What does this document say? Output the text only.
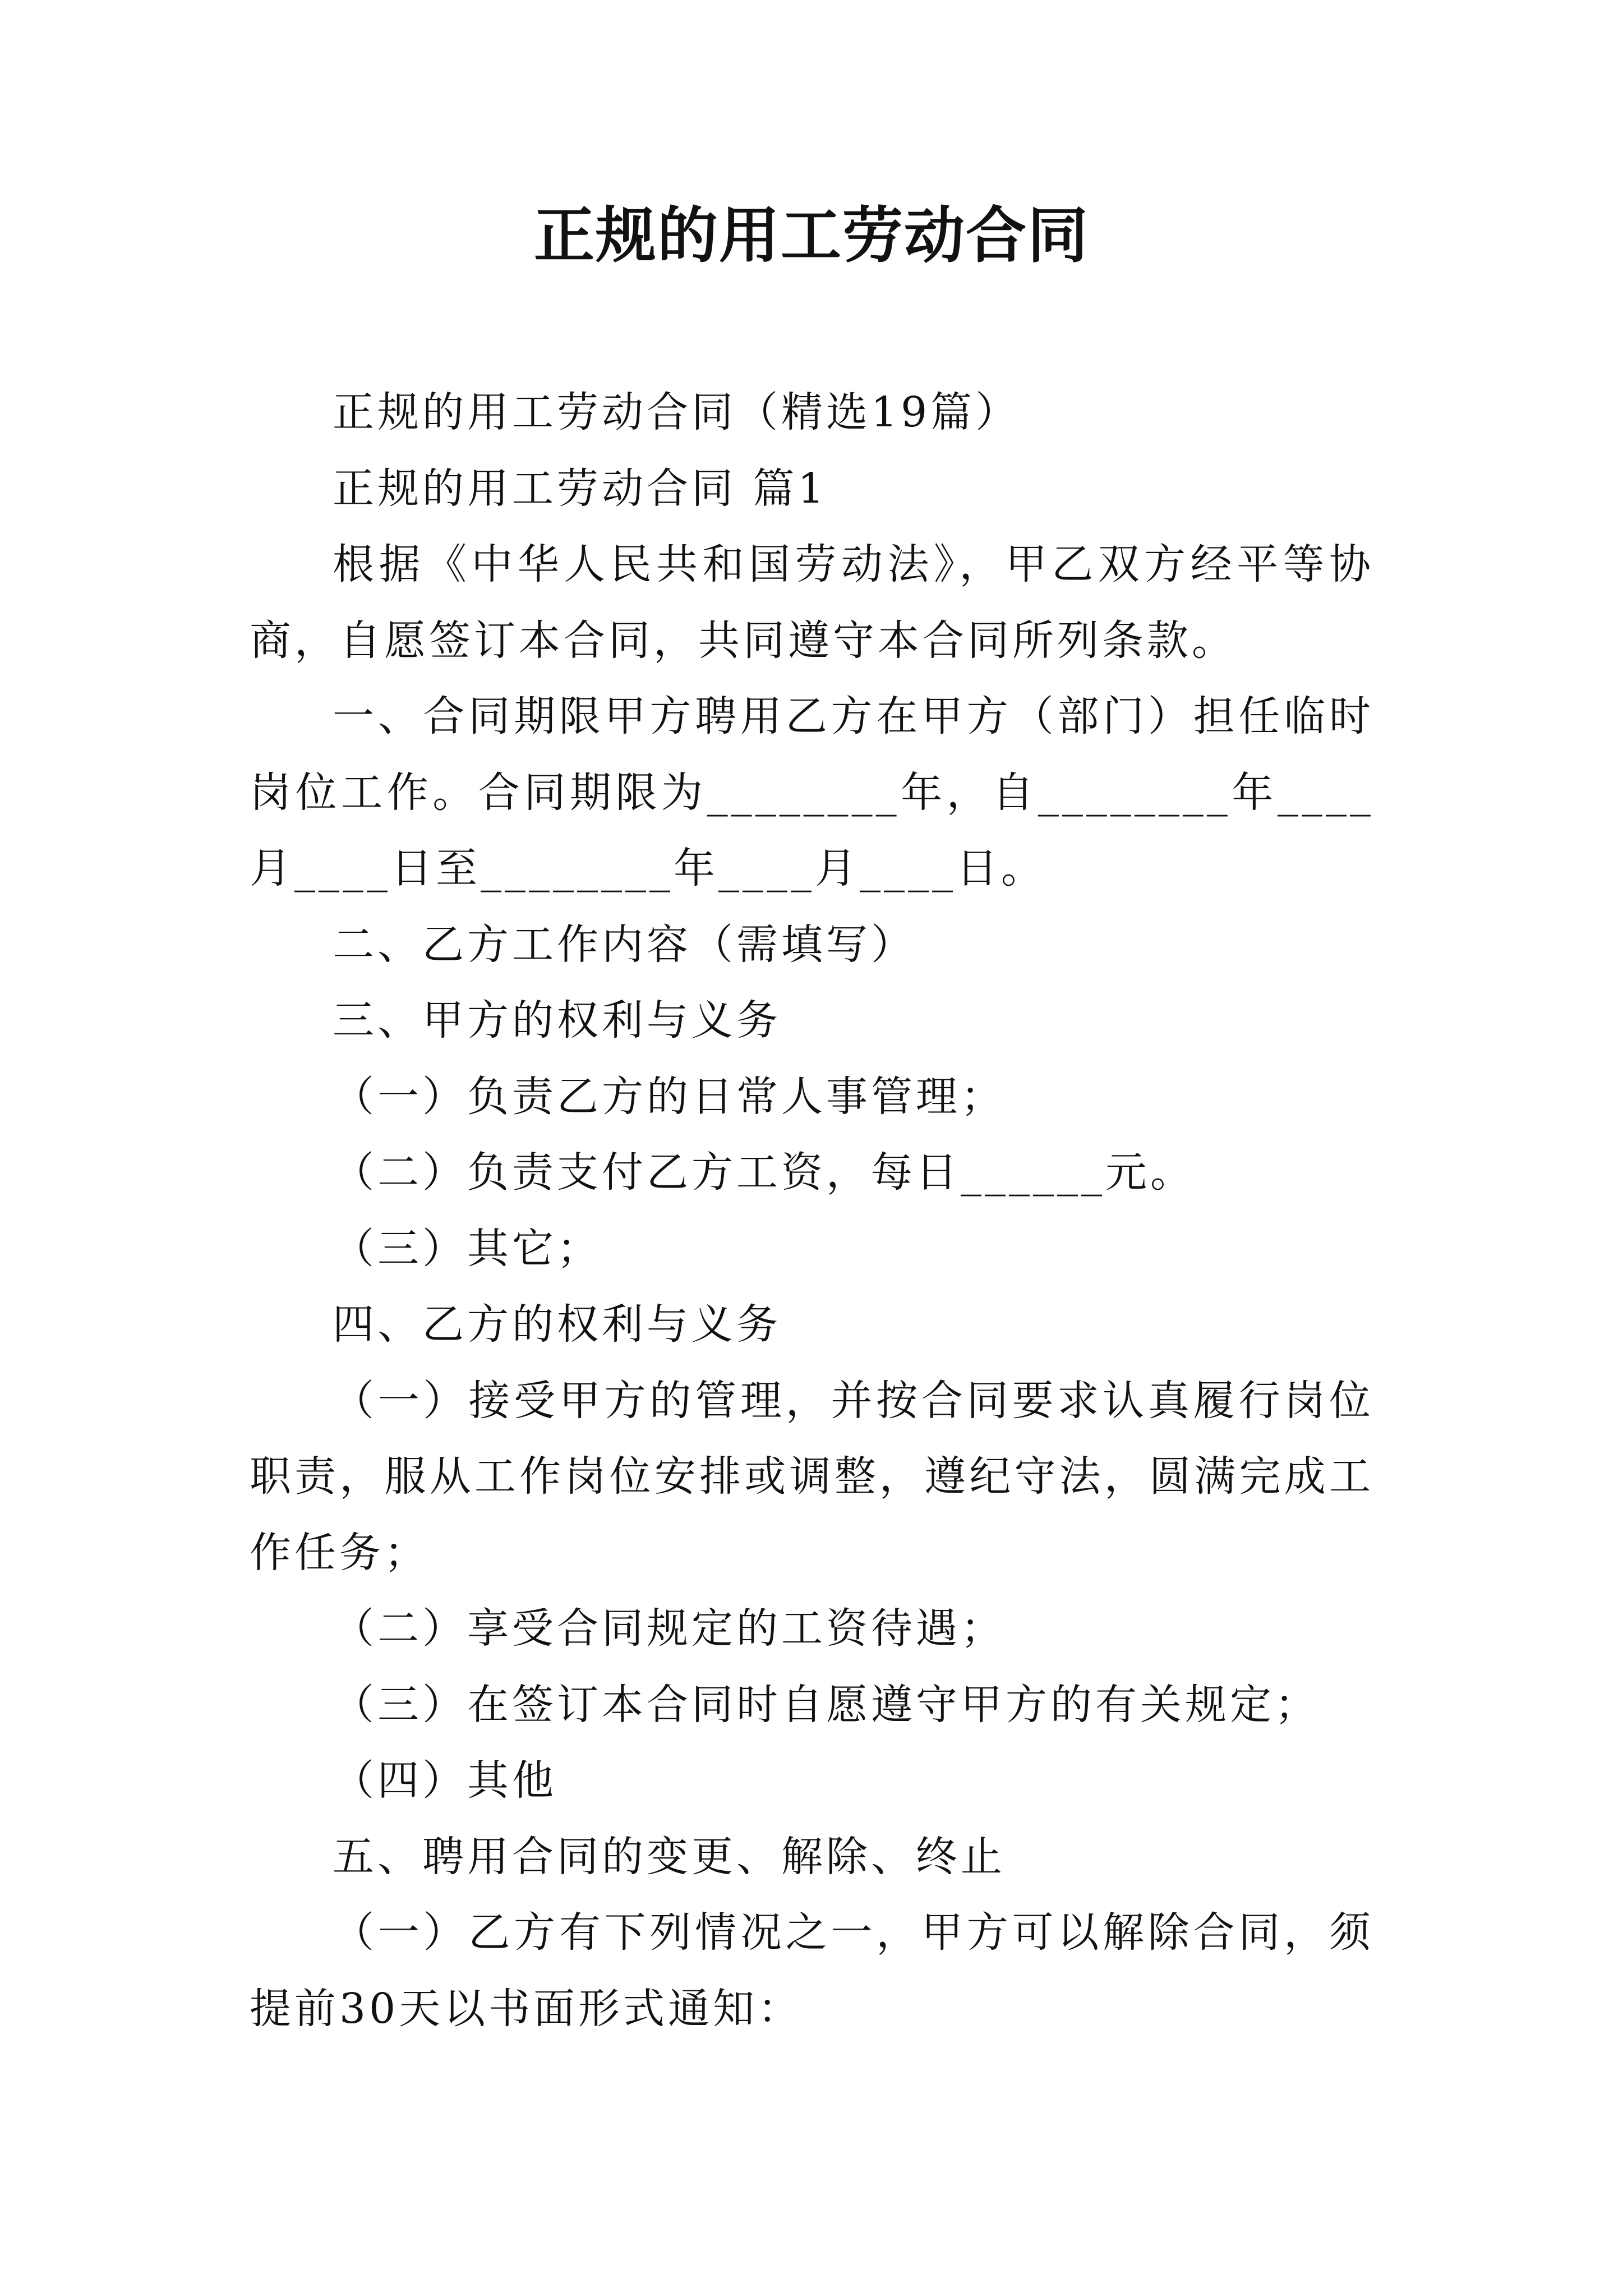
正规的用工劳动合同

正规的用工劳动合同（精选19篇）

正规的用工劳动合同 篇1

根据《中华人民共和国劳动法》，甲乙双方经平等协商，自愿签订本合同，共同遵守本合同所列条款。

一、合同期限甲方聘用乙方在甲方（部门）担任临时岗位工作。合同期限为________年，自________年____月____日至________年____月____日。

二、乙方工作内容（需填写）

三、甲方的权利与义务

（一）负责乙方的日常人事管理；

（二）负责支付乙方工资，每日______元。

（三）其它；

四、乙方的权利与义务

（一）接受甲方的管理，并按合同要求认真履行岗位职责，服从工作岗位安排或调整，遵纪守法，圆满完成工作任务；

（二）享受合同规定的工资待遇；

（三）在签订本合同时自愿遵守甲方的有关规定；

（四）其他

五、聘用合同的变更、解除、终止

（一）乙方有下列情况之一，甲方可以解除合同，须提前30天以书面形式通知：
